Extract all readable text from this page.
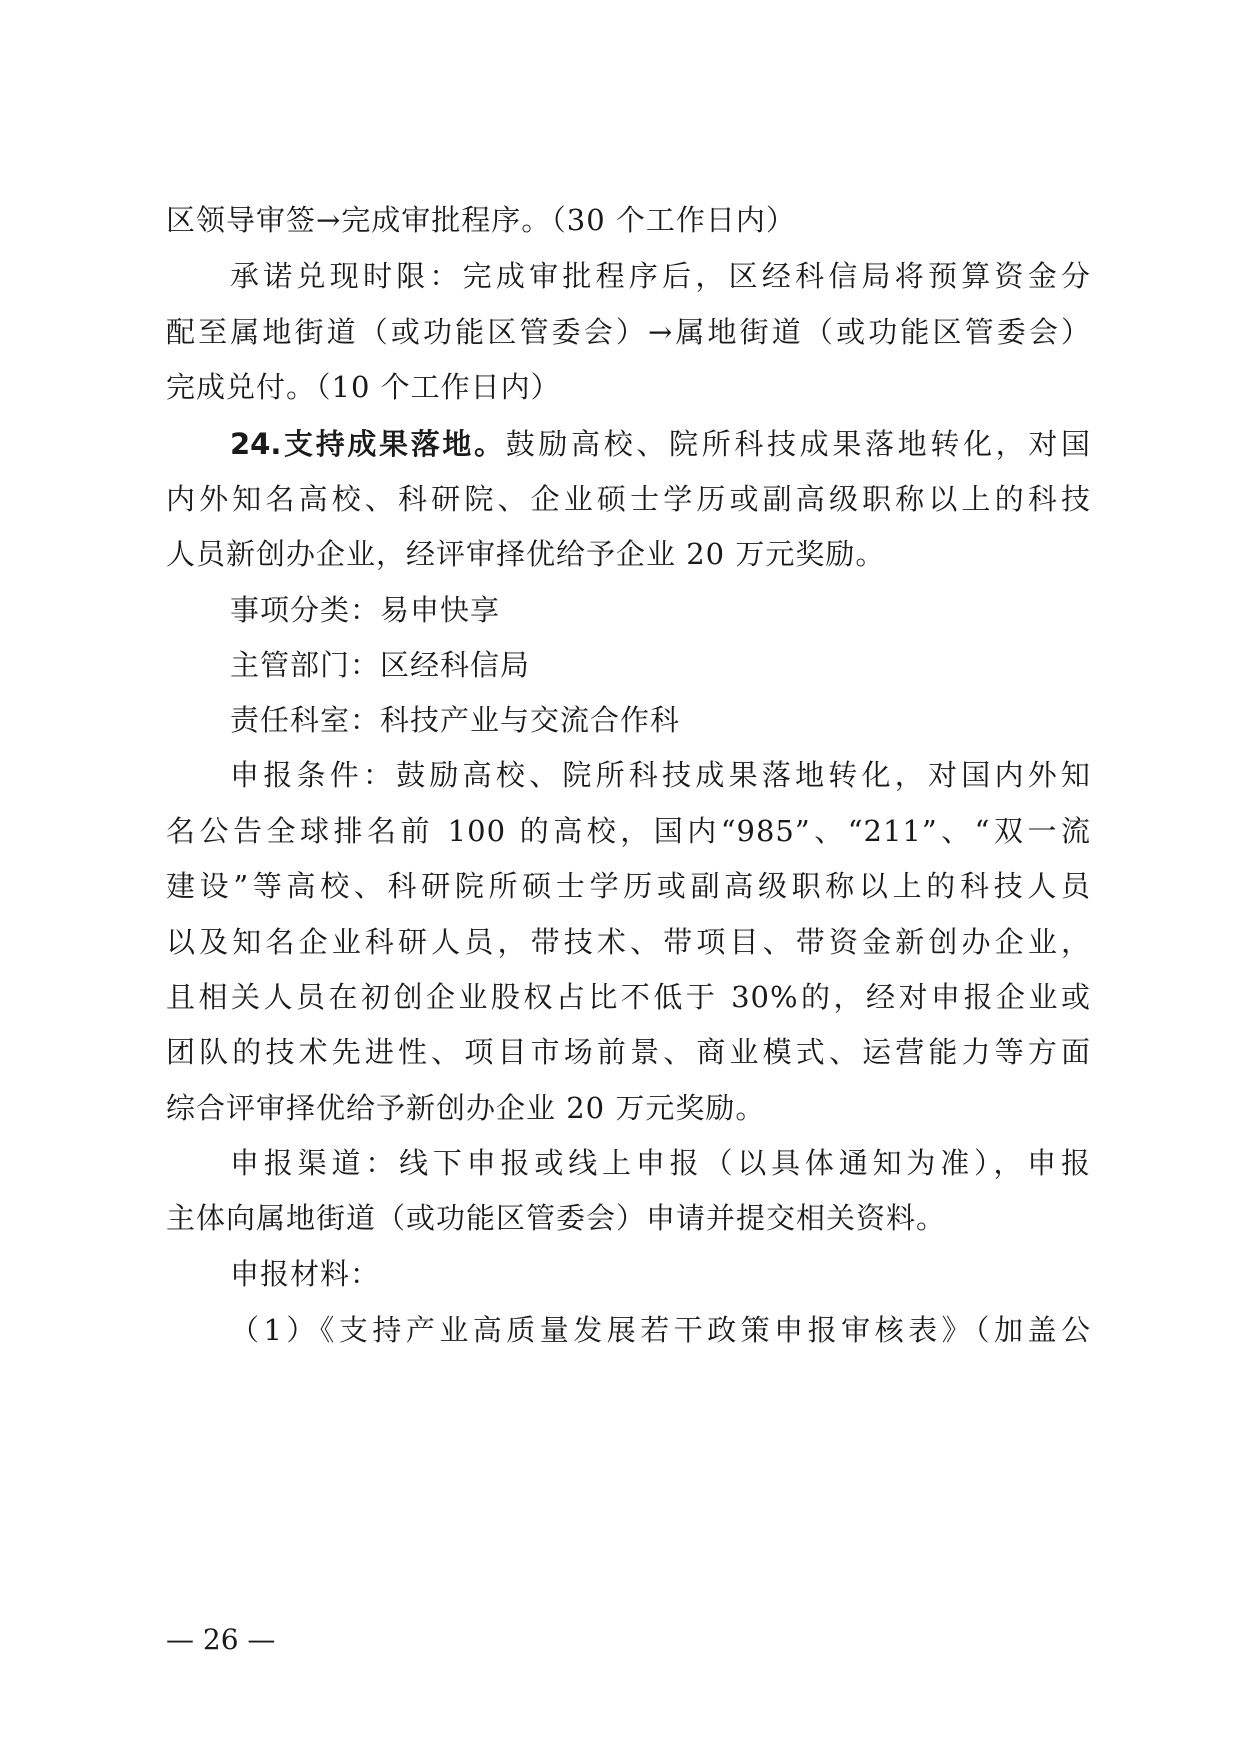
区领导审签→完成审批程序。（30 个工作日内）
承诺兑现时限：完成审批程序后，区经科信局将预算资金分
配至属地街道（或功能区管委会）→属地街道（或功能区管委会）
完成兑付。（10 个工作日内）
24.支持成果落地。鼓励高校、院所科技成果落地转化，对国
内外知名高校、科研院、企业硕士学历或副高级职称以上的科技
人员新创办企业，经评审择优给予企业 20 万元奖励。
事项分类：易申快享
主管部门：区经科信局
责任科室：科技产业与交流合作科
申报条件：鼓励高校、院所科技成果落地转化，对国内外知
名公告全球排名前 100 的高校，国内“985”、“211”、“双一流
建设”等高校、科研院所硕士学历或副高级职称以上的科技人员
以及知名企业科研人员，带技术、带项目、带资金新创办企业，
且相关人员在初创企业股权占比不低于 30%的，经对申报企业或
团队的技术先进性、项目市场前景、商业模式、运营能力等方面
综合评审择优给予新创办企业 20 万元奖励。
申报渠道：线下申报或线上申报（以具体通知为准），申报
主体向属地街道（或功能区管委会）申请并提交相关资料。
申报材料：
（1）《支持产业高质量发展若干政策申报审核表》（加盖公
— 26 —
